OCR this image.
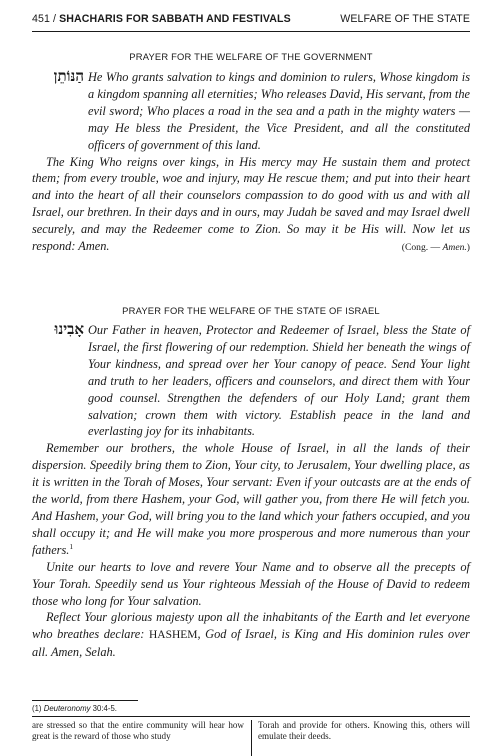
451 / SHACHARIS FOR SABBATH AND FESTIVALS	WELFARE OF THE STATE
PRAYER FOR THE WELFARE OF THE GOVERNMENT

הַנּוֹתֵן He Who grants salvation to kings and dominion to rulers, Whose kingdom is a kingdom spanning all eternities; Who releases David, His servant, from the evil sword; Who places a road in the sea and a path in the mighty waters — may He bless the President, the Vice President, and all the constituted officers of government of this land.

The King Who reigns over kings, in His mercy may He sustain them and protect them; from every trouble, woe and injury, may He rescue them; and put into their heart and into the heart of all their counselors compassion to do good with us and with all Israel, our brethren. In their days and in ours, may Judah be saved and may Israel dwell securely, and may the Redeemer come to Zion. So may it be His will. Now let us respond: Amen.	(Cong. — Amen.)

PRAYER FOR THE WELFARE OF THE STATE OF ISRAEL

אָבִינוּ Our Father in heaven, Protector and Redeemer of Israel, bless the State of Israel, the first flowering of our redemption. Shield her beneath the wings of Your kindness, and spread over her Your canopy of peace. Send Your light and truth to her leaders, officers and counselors, and direct them with Your good counsel. Strengthen the defenders of our Holy Land; grant them salvation; crown them with victory. Establish peace in the land and everlasting joy for its inhabitants.

Remember our brothers, the whole House of Israel, in all the lands of their dispersion. Speedily bring them to Zion, Your city, to Jerusalem, Your dwelling place, as it is written in the Torah of Moses, Your servant: Even if your outcasts are at the ends of the world, from there Hashem, your God, will gather you, from there He will fetch you. And Hashem, your God, will bring you to the land which your fathers occupied, and you shall occupy it; and He will make you more prosperous and more numerous than your fathers.$^1$

Unite our hearts to love and revere Your Name and to observe all the precepts of Your Torah. Speedily send us Your righteous Messiah of the House of David to redeem those who long for Your salvation.

Reflect Your glorious majesty upon all the inhabitants of the Earth and let everyone who breathes declare: HASHEM, God of Israel, is King and His dominion rules over all. Amen, Selah.

(1) Deuteronomy 30:4-5.
are stressed so that the entire community will hear how great is the reward of those who study
Torah and provide for others. Knowing this, others will emulate their deeds.
